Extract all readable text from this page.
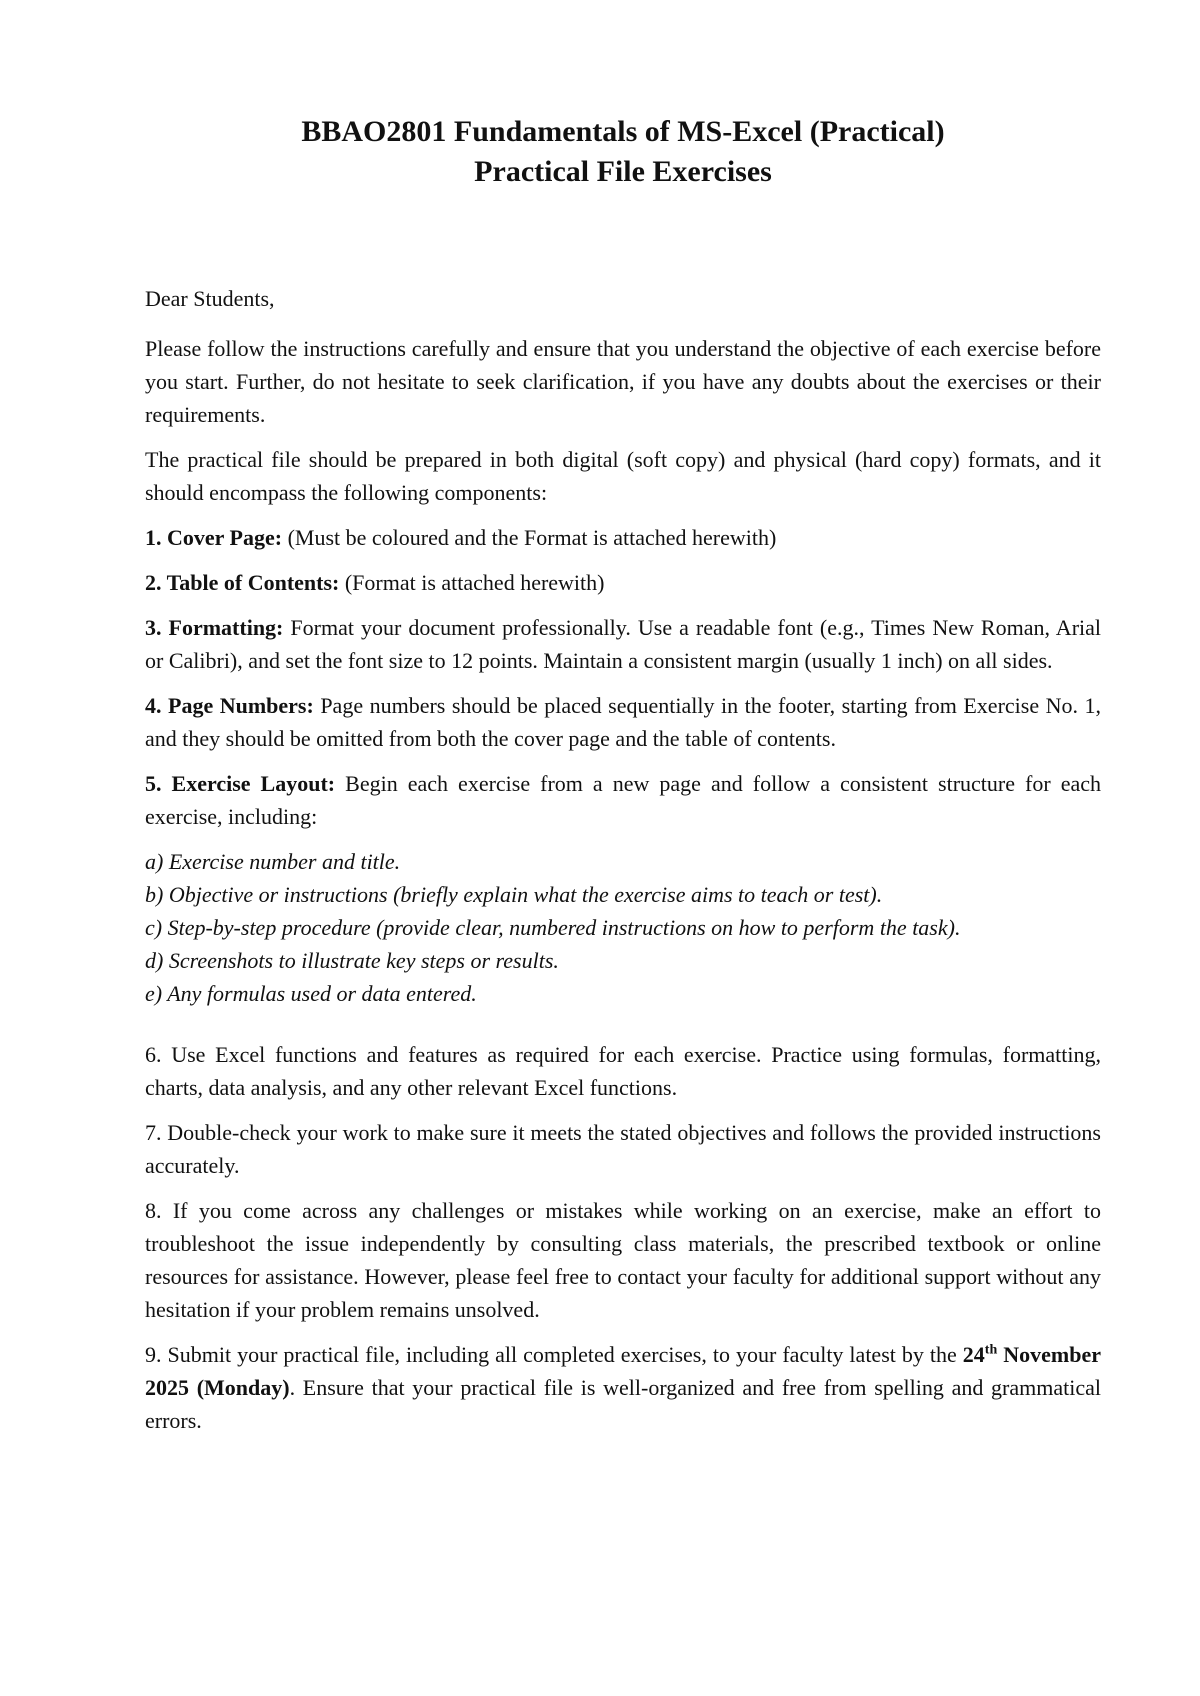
BBAO2801 Fundamentals of MS-Excel (Practical)
Practical File Exercises

Dear Students,

Please follow the instructions carefully and ensure that you understand the objective of each exercise before you start. Further, do not hesitate to seek clarification, if you have any doubts about the exercises or their requirements.

The practical file should be prepared in both digital (soft copy) and physical (hard copy) formats, and it should encompass the following components:

1. Cover Page: (Must be coloured and the Format is attached herewith)

2. Table of Contents: (Format is attached herewith)

3. Formatting: Format your document professionally. Use a readable font (e.g., Times New Roman, Arial or Calibri), and set the font size to 12 points. Maintain a consistent margin (usually 1 inch) on all sides.

4. Page Numbers: Page numbers should be placed sequentially in the footer, starting from Exercise No. 1, and they should be omitted from both the cover page and the table of contents.

5. Exercise Layout: Begin each exercise from a new page and follow a consistent structure for each exercise, including:

a) Exercise number and title.
b) Objective or instructions (briefly explain what the exercise aims to teach or test).
c) Step-by-step procedure (provide clear, numbered instructions on how to perform the task).
d) Screenshots to illustrate key steps or results.
e) Any formulas used or data entered.

6. Use Excel functions and features as required for each exercise. Practice using formulas, formatting, charts, data analysis, and any other relevant Excel functions.

7. Double-check your work to make sure it meets the stated objectives and follows the provided instructions accurately.

8. If you come across any challenges or mistakes while working on an exercise, make an effort to troubleshoot the issue independently by consulting class materials, the prescribed textbook or online resources for assistance. However, please feel free to contact your faculty for additional support without any hesitation if your problem remains unsolved.

9. Submit your practical file, including all completed exercises, to your faculty latest by the 24th November 2025 (Monday). Ensure that your practical file is well-organized and free from spelling and grammatical errors.
